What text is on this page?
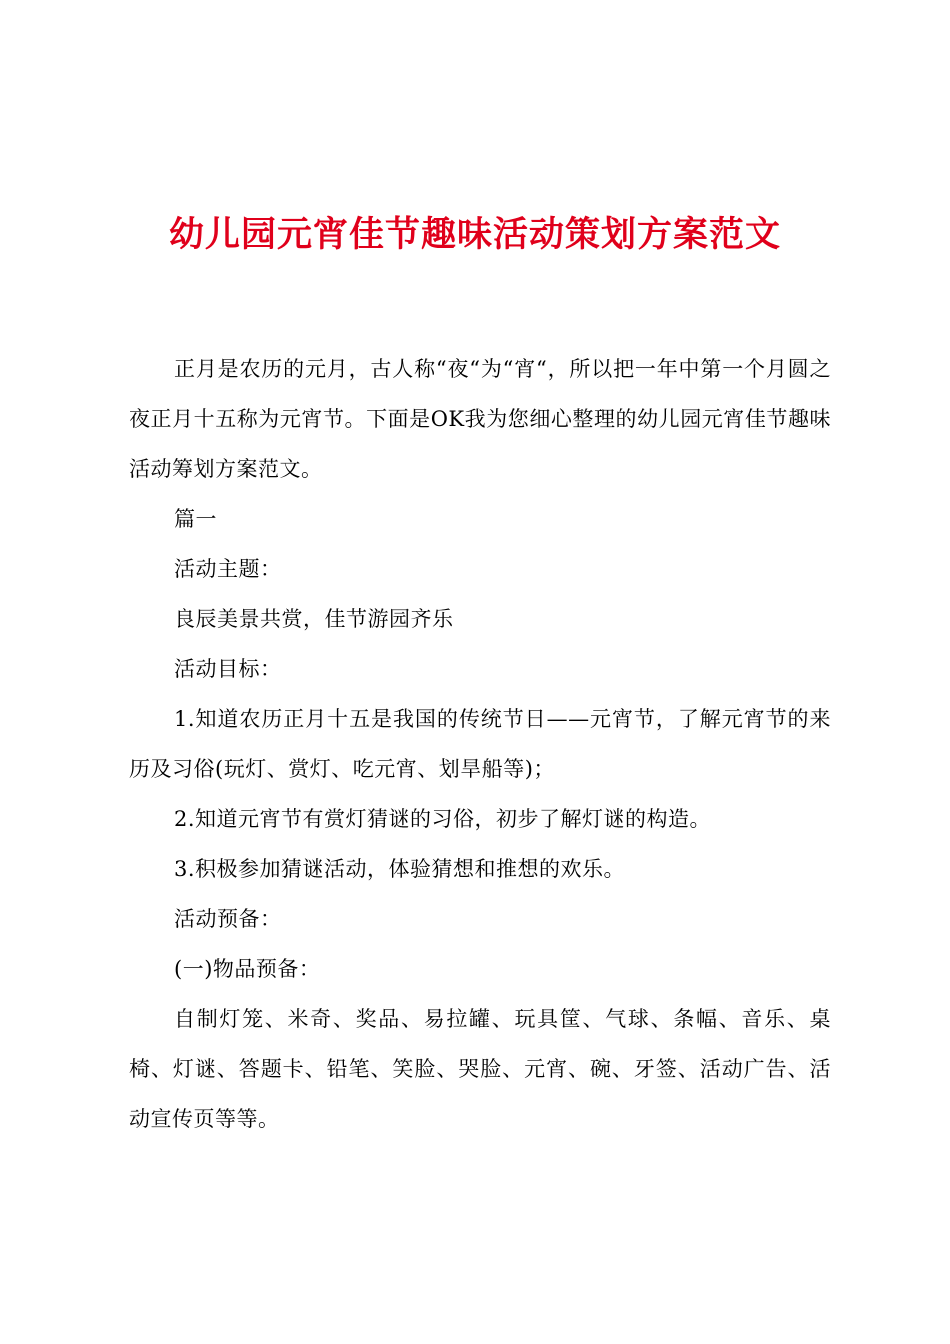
幼儿园元宵佳节趣味活动策划方案范文

正月是农历的元月，古人称“夜“为“宵“，所以把一年中第一个月圆之夜正月十五称为元宵节。下面是OK我为您细心整理的幼儿园元宵佳节趣味活动筹划方案范文。

篇一

活动主题：

良辰美景共赏，佳节游园齐乐

活动目标：

1.知道农历正月十五是我国的传统节日——元宵节，了解元宵节的来历及习俗(玩灯、赏灯、吃元宵、划旱船等)；

2.知道元宵节有赏灯猜谜的习俗，初步了解灯谜的构造。

3.积极参加猜谜活动，体验猜想和推想的欢乐。

活动预备：

(一)物品预备：

自制灯笼、米奇、奖品、易拉罐、玩具筐、气球、条幅、音乐、桌椅、灯谜、答题卡、铅笔、笑脸、哭脸、元宵、碗、牙签、活动广告、活动宣传页等等。
